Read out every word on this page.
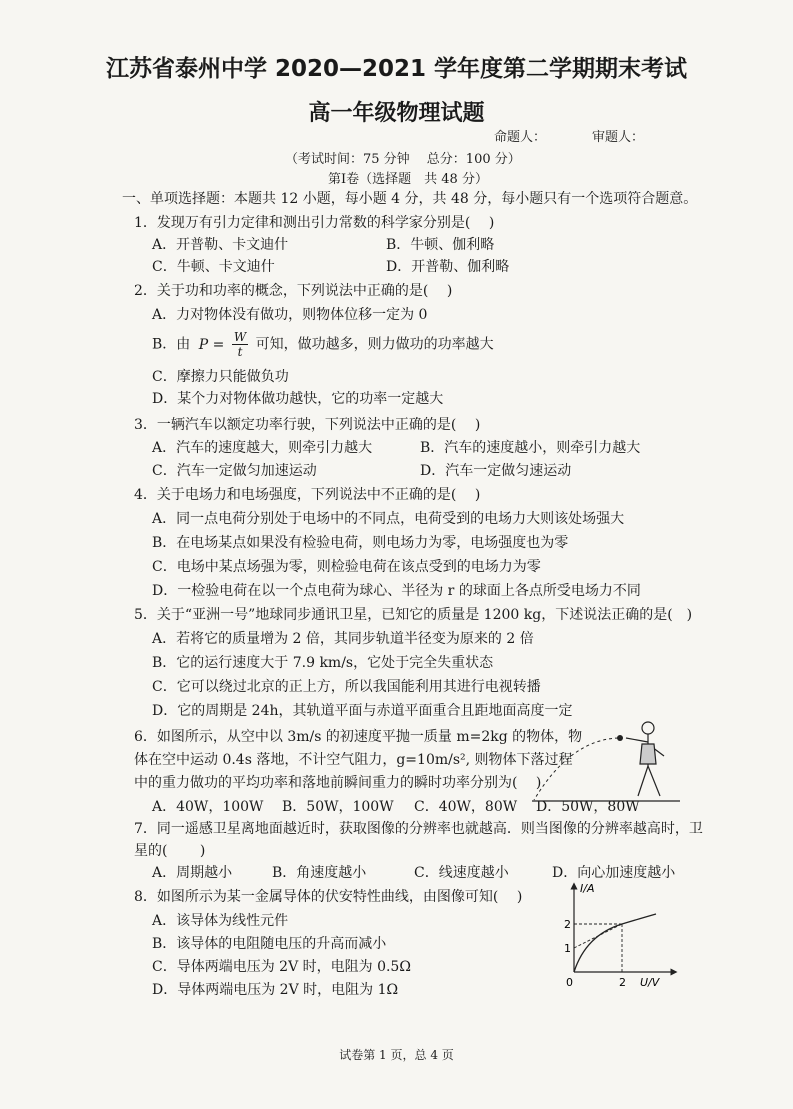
江苏省泰州中学 2020—2021 学年度第二学期期末考试
高一年级物理试题
命题人：	审题人：
（考试时间：75 分钟　 总分：100 分）
第Ⅰ卷（选择题　共 48 分）
一、单项选择题：本题共 12 小题，每小题 4 分，共 48 分，每小题只有一个选项符合题意。
1．发现万有引力定律和测出引力常数的科学家分别是(　 )
A．开普勒、卡文迪什	B．牛顿、伽利略
C．牛顿、卡文迪什	D．开普勒、伽利略
2．关于功和功率的概念，下列说法中正确的是(　 )
A．力对物体没有做功，则物体位移一定为 0
B．由 $P = \frac{W}{t}$ 可知，做功越多，则力做功的功率越大
C．摩擦力只能做负功
D．某个力对物体做功越快，它的功率一定越大
3．一辆汽车以额定功率行驶，下列说法中正确的是(　 )
A．汽车的速度越大，则牵引力越大	B．汽车的速度越小，则牵引力越大
C．汽车一定做匀加速运动	D．汽车一定做匀速运动
4．关于电场力和电场强度，下列说法中不正确的是(　 )
A．同一点电荷分别处于电场中的不同点，电荷受到的电场力大则该处场强大
B．在电场某点如果没有检验电荷，则电场力为零，电场强度也为零
C．电场中某点场强为零，则检验电荷在该点受到的电场力为零
D．一检验电荷在以一个点电荷为球心、半径为 r 的球面上各点所受电场力不同
5．关于“亚洲一号”地球同步通讯卫星，已知它的质量是 1200 kg，下述说法正确的是(　)
A．若将它的质量增为 2 倍，其同步轨道半径变为原来的 2 倍
B．它的运行速度大于 7.9 km/s，它处于完全失重状态
C．它可以绕过北京的正上方，所以我国能利用其进行电视转播
D．它的周期是 24h，其轨道平面与赤道平面重合且距地面高度一定
6．如图所示，从空中以 3m/s 的初速度平抛一质量 m=2kg 的物体，物
体在空中运动 0.4s 落地，不计空气阻力，g=10m/s², 则物体下落过程
中的重力做功的平均功率和落地前瞬间重力的瞬时功率分别为(　 )
A．40W，100W B．50W，100W C．40W，80W D．50W，80W
7．同一遥感卫星离地面越近时，获取图像的分辨率也就越高．则当图像的分辨率越高时，卫
星的(　 　)
A．周期越小	B．角速度越小	C．线速度越小	D．向心加速度越小
8．如图所示为某一金属导体的伏安特性曲线，由图像可知(　 )
A．该导体为线性元件
B．该导体的电阻随电压的升高而减小
C．导体两端电压为 2V 时，电阻为 0.5Ω
D．导体两端电压为 2V 时，电阻为 1Ω
I/A
U/V
0
1
2
2
试卷第 1 页，总 4 页
